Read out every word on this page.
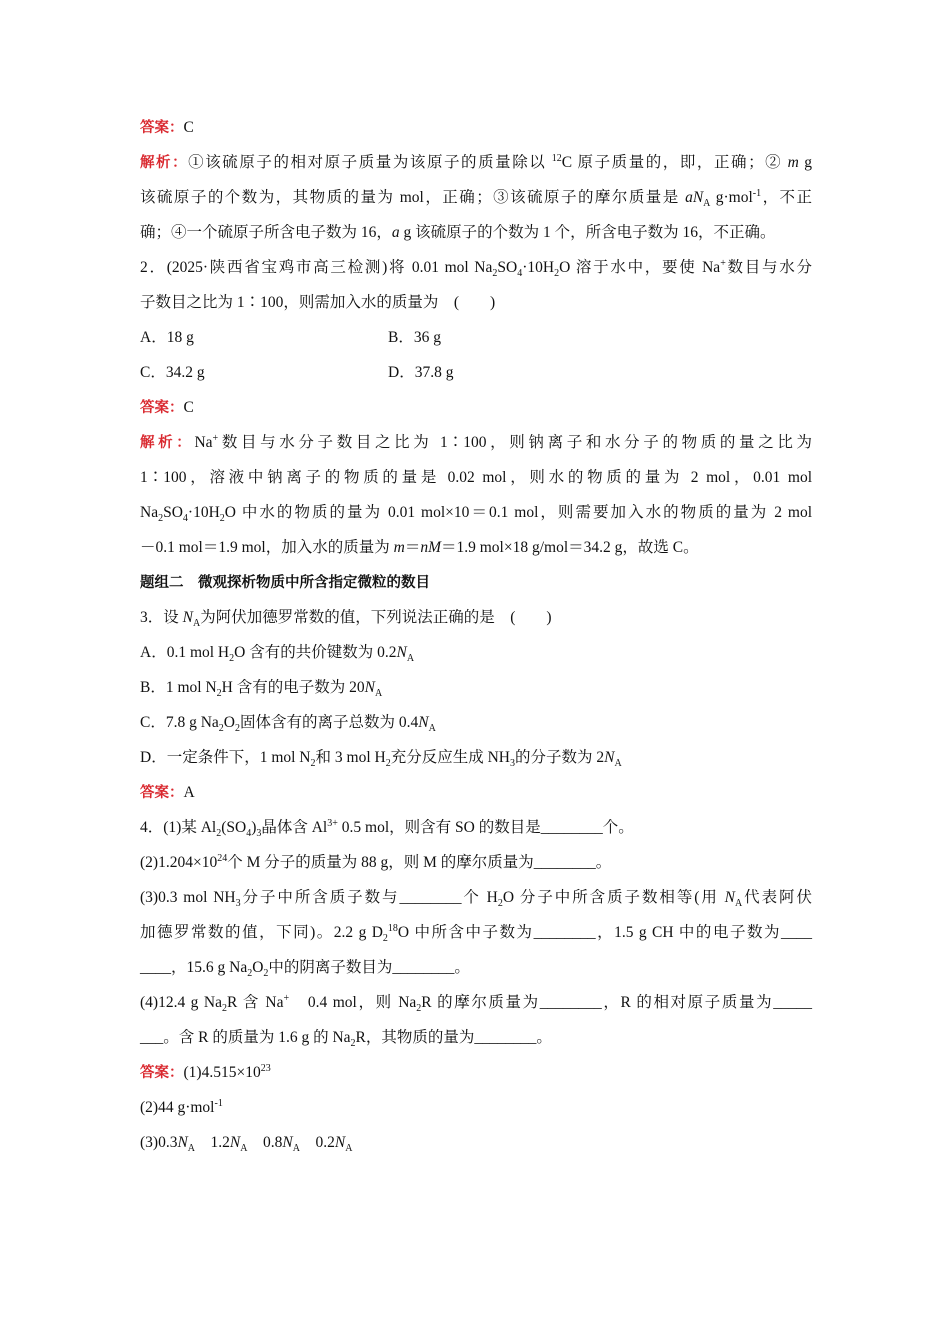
答案：C

解析：①该硫原子的相对原子质量为该原子的质量除以 $^{12}$C 原子质量的，即，正确；② m g

该硫原子的个数为，其物质的量为 mol，正确；③该硫原子的摩尔质量是 $aN_A$ g·mol$^{-1}$，不正

确；④一个硫原子所含电子数为 16，a g 该硫原子的个数为 1 个，所含电子数为 16，不正确。

2．(2025·陕西省宝鸡市高三检测)将 0.01 mol $Na_2SO_4\cdot 10H_2O$ 溶于水中，要使 Na+数目与水分

子数目之比为 1∶100，则需加入水的质量为　(　　)

A．18 g	B．36 g

C．34.2 g	D．37.8 g

答案：C

解析：Na+数目与水分子数目之比为 1∶100，则钠离子和水分子的物质的量之比为

1∶100，溶液中钠离子的物质的量是 0.02 mol，则水的物质的量为 2 mol，0.01 mol

$Na_2SO_4\cdot 10H_2O$ 中水的物质的量为 0.01 mol×10＝0.1 mol，则需要加入水的物质的量为 2 mol

－0.1 mol＝1.9 mol，加入水的质量为 m＝nM＝1.9 mol×18 g/mol＝34.2 g，故选 C。

题组二　微观探析物质中所含指定微粒的数目

3．设 $N_A$为阿伏加德罗常数的值，下列说法正确的是　(　　)

A．0.1 mol $H_2O$ 含有的共价键数为 $0.2N_A$

B．1 mol $N_2H$ 含有的电子数为 $20N_A$

C．7.8 g $Na_2O_2$固体含有的离子总数为 $0.4N_A$

D．一定条件下，1 mol $N_2$和 3 mol $H_2$充分反应生成 $NH_3$的分子数为 $2N_A$

答案：A

4．(1)某 $Al_2(SO_4)_3$晶体含 $Al^{3+}$ 0.5 mol，则含有 SO 的数目是________个。

$(2)1.204\times 10^{24}$个 M 分子的质量为 88 g，则 M 的摩尔质量为________。

(3)0.3 mol $NH_3$分子中所含质子数与________个 $H_2O$ 分子中所含质子数相等(用 $N_A$代表阿伏

加德罗常数的值，下同)。2.2 g $D_2^{18}O$ 中所含中子数为________，1.5 g CH 中的电子数为____

____，15.6 g $Na_2O_2$中的阴离子数目为________。

(4)12.4 g $Na_2R$ 含 Na+　0.4 mol，则 $Na_2R$ 的摩尔质量为________，R 的相对原子质量为_____

___。含 R 的质量为 1.6 g 的 $Na_2R$，其物质的量为________。

答案：$(1)4.515\times 10^{23}$

(2)44 g·mol$^{-1}$

$(3)0.3N_A$　$1.2N_A$　$0.8N_A$　$0.2N_A$
